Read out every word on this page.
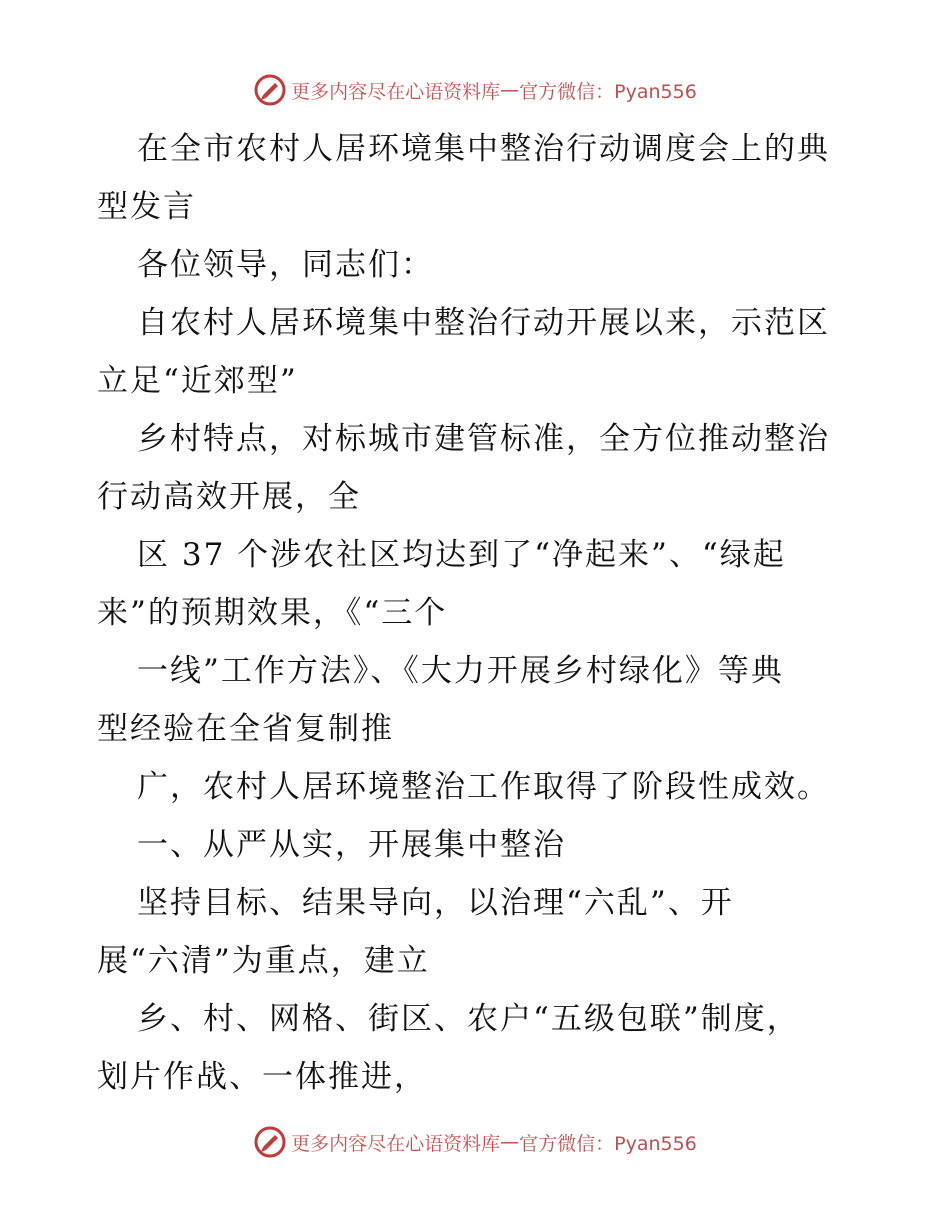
更多内容尽在心语资料库 — 官方微信：Pyan556
在全市农村人居环境集中整治行动调度会上的典
型发言
各位领导，同志们：
自农村人居环境集中整治行动开展以来，示范区
立足“近郊型”
乡村特点，对标城市建管标准，全方位推动整治
行动高效开展，全
区 37 个涉农社区均达到了“净起来”、“绿起
来”的预期效果，《“三个
一线”工作方法》、《大力开展乡村绿化》等典
型经验在全省复制推
广，农村人居环境整治工作取得了阶段性成效。
一、从严从实，开展集中整治
坚持目标、结果导向，以治理“六乱”、开
展“六清”为重点，建立
乡、村、网格、街区、农户“五级包联”制度，
划片作战、一体推进，
更多内容尽在心语资料库 — 官方微信：Pyan556
